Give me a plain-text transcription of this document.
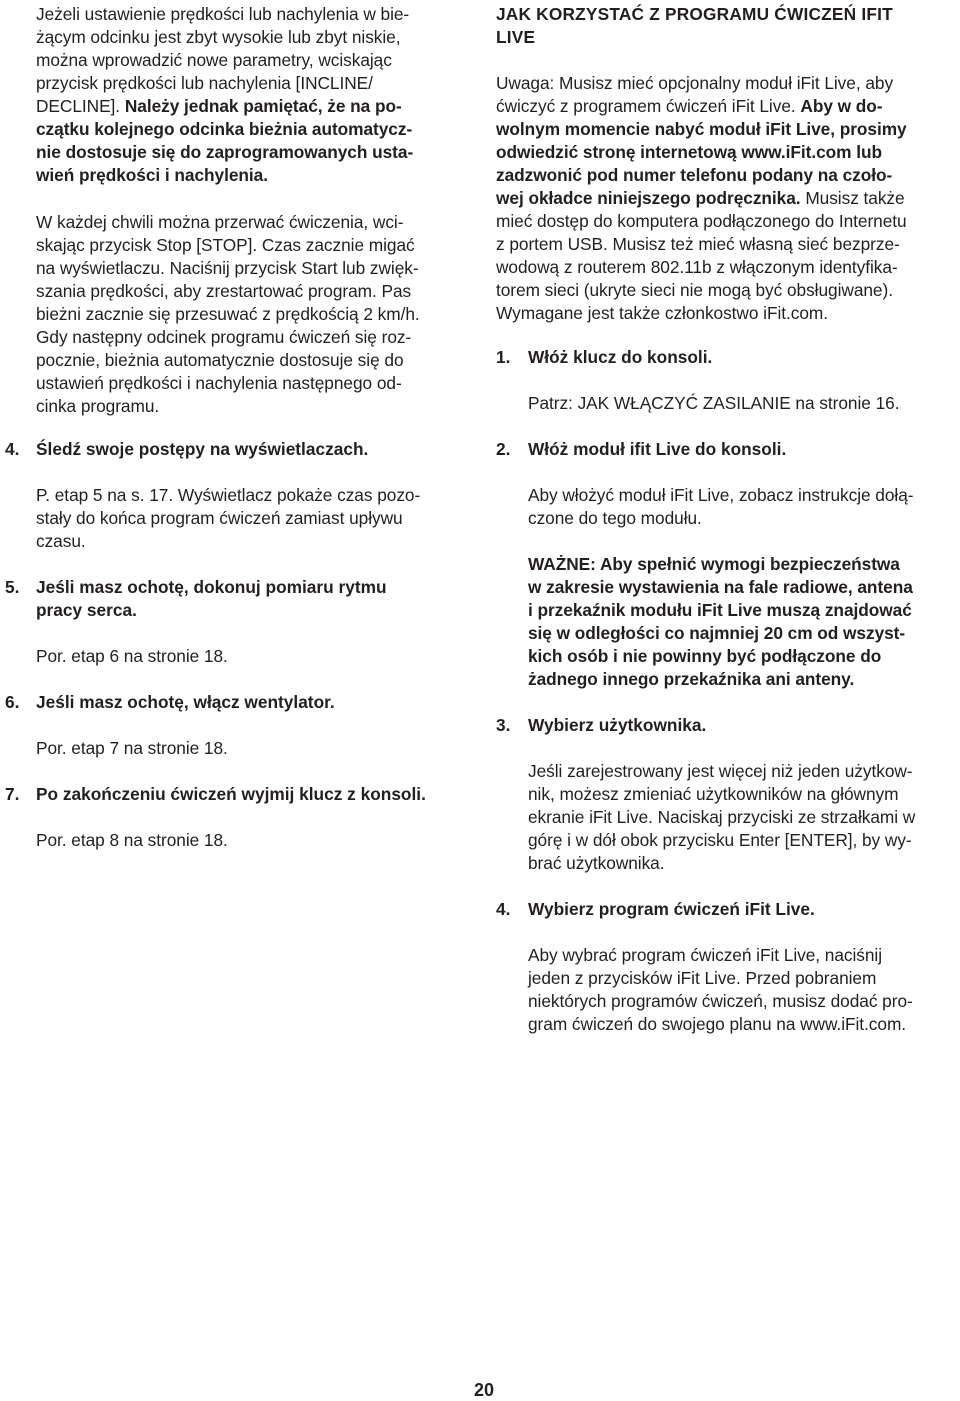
Jeżeli ustawienie prędkości lub nachylenia w bie-
żącym odcinku jest zbyt wysokie lub zbyt niskie,
można wprowadzić nowe parametry, wciskając
przycisk prędkości lub nachylenia [INCLINE/
DECLINE]. Należy jednak pamiętać, że na po-
czątku kolejnego odcinka bieżnia automatycz-
nie dostosuje się do zaprogramowanych usta-
wień prędkości i nachylenia.
W każdej chwili można przerwać ćwiczenia, wci-
skając przycisk Stop [STOP]. Czas zacznie migać
na wyświetlaczu. Naciśnij przycisk Start lub zwięk-
szania prędkości, aby zrestartować program. Pas
bieżni zacznie się przesuwać z prędkością 2 km/h.
Gdy następny odcinek programu ćwiczeń się roz-
pocznie, bieżnia automatycznie dostosuje się do
ustawień prędkości i nachylenia następnego od-
cinka programu.
4. Śledź swoje postępy na wyświetlaczach.
P. etap 5 na s. 17. Wyświetlacz pokaże czas pozo-
stały do końca program ćwiczeń zamiast upływu
czasu.
5. Jeśli masz ochotę, dokonuj pomiaru rytmu
pracy serca.
Por. etap 6 na stronie 18.
6. Jeśli masz ochotę, włącz wentylator.
Por. etap 7 na stronie 18.
7. Po zakończeniu ćwiczeń wyjmij klucz z konsoli.
Por. etap 8 na stronie 18.
JAK KORZYSTAĆ Z PROGRAMU ĆWICZEŃ IFIT
LIVE
Uwaga: Musisz mieć opcjonalny moduł iFit Live, aby
ćwiczyć z programem ćwiczeń iFit Live. Aby w do-
wolnym momencie nabyć moduł iFit Live, prosimy
odwiedzić stronę internetową www.iFit.com lub
zadzwonić pod numer telefonu podany na czoło-
wej okładce niniejszego podręcznika. Musisz także
mieć dostęp do komputera podłączonego do Internetu
z portem USB. Musisz też mieć własną sieć bezprze-
wodową z routerem 802.11b z włączonym identyfika-
torem sieci (ukryte sieci nie mogą być obsługiwane).
Wymagane jest także członkostwo iFit.com.
1. Włóż klucz do konsoli.
Patrz: JAK WŁĄCZYĆ ZASILANIE na stronie 16.
2. Włóż moduł ifit Live do konsoli.
Aby włożyć moduł iFit Live, zobacz instrukcje dołą-
czone do tego modułu.
WAŻNE: Aby spełnić wymogi bezpieczeństwa
w zakresie wystawienia na fale radiowe, antena
i przekaźnik modułu iFit Live muszą znajdować
się w odległości co najmniej 20 cm od wszyst-
kich osób i nie powinny być podłączone do
żadnego innego przekaźnika ani anteny.
3. Wybierz użytkownika.
Jeśli zarejestrowany jest więcej niż jeden użytkow-
nik, możesz zmieniać użytkowników na głównym
ekranie iFit Live. Naciskaj przyciski ze strzałkami w
górę i w dół obok przycisku Enter [ENTER], by wy-
brać użytkownika.
4. Wybierz program ćwiczeń iFit Live.
Aby wybrać program ćwiczeń iFit Live, naciśnij
jeden z przycisków iFit Live. Przed pobraniem
niektórych programów ćwiczeń, musisz dodać pro-
gram ćwiczeń do swojego planu na www.iFit.com.
20
